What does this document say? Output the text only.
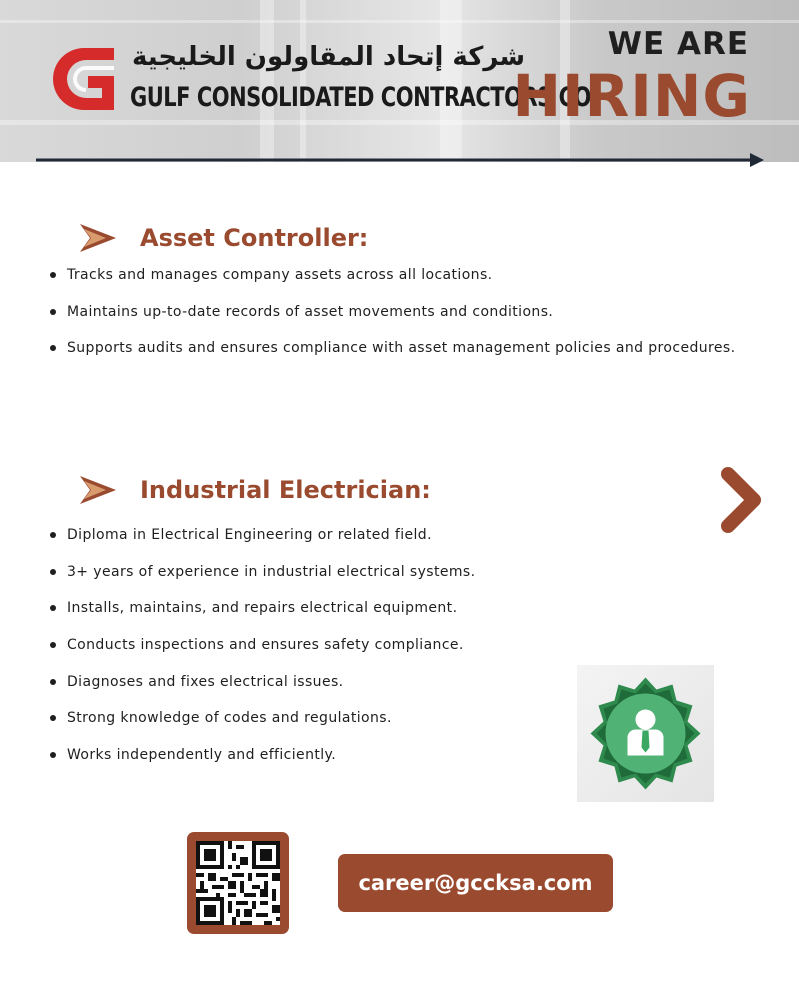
شركة إتحاد المقاولون الخليجية
GULF CONSOLIDATED CONTRACTORS CO.
WE ARE
HIRING
Asset Controller:
Tracks and manages company assets across all locations.
Maintains up-to-date records of asset movements and conditions.
Supports audits and ensures compliance with asset management policies and procedures.
Industrial Electrician:
Diploma in Electrical Engineering or related field.
3+ years of experience in industrial electrical systems.
Installs, maintains, and repairs electrical equipment.
Conducts inspections and ensures safety compliance.
Diagnoses and fixes electrical issues.
Strong knowledge of codes and regulations.
Works independently and efficiently.
career@gccksa.com
